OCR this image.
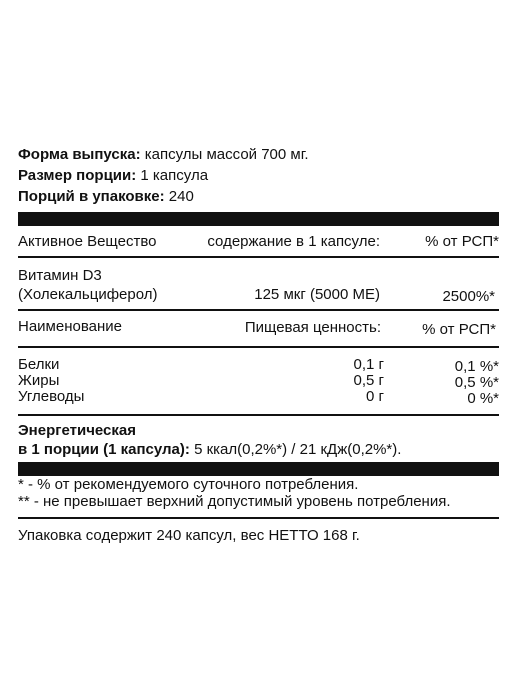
Форма выпуска: капсулы массой 700 мг.
Размер порции: 1 капсула
Порций в упаковке: 240
Активное Вещество	содержание в 1 капсуле:	% от РСП*
Витамин D3
(Холекальциферол)	125 мкг (5000 МЕ)	2500%*
Наименование	Пищевая ценность:	% от РСП*
Белки	0,1 г	0,1 %*
Жиры	0,5 г	0,5 %*
Углеводы	0 г	0 %*
Энергетическая
в 1 порции (1 капсула): 5 ккал(0,2%*) / 21 кДж(0,2%*).
* - % от рекомендуемого суточного потребления.
** - не превышает верхний допустимый уровень потребления.
Упаковка содержит 240 капсул, вес НЕТТО 168 г.
